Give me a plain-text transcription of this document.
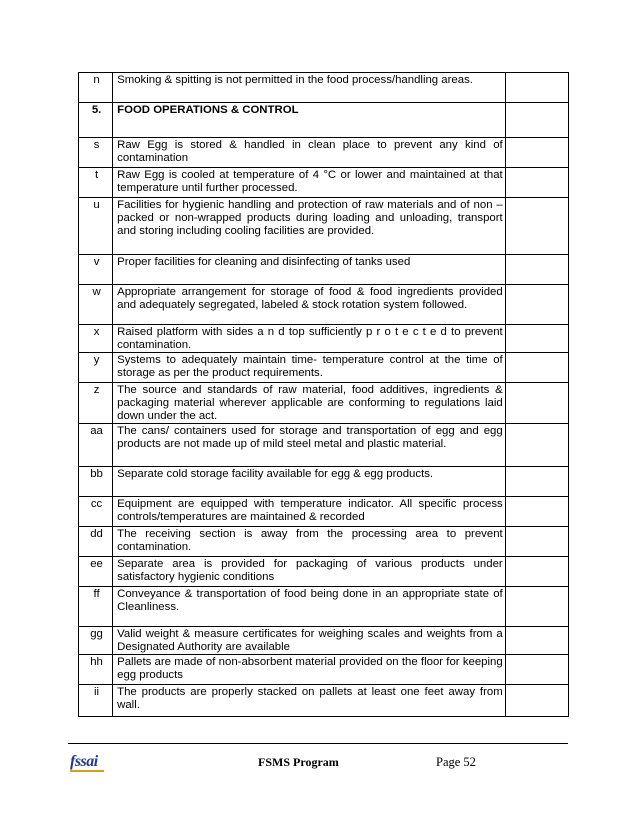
n	Smoking & spitting is not permitted in the food process/handling areas.	
5.	FOOD OPERATIONS & CONTROL	
s	Raw Egg is stored & handled in clean place to prevent any kind of contamination	
t	Raw Egg is cooled at temperature of 4 °C or lower and maintained at that temperature until further processed.	
u	Facilities for hygienic handling and protection of raw materials and of non – packed or non-wrapped products during loading and unloading, transport and storing including cooling facilities are provided.	
v	Proper facilities for cleaning and disinfecting of tanks used	
w	Appropriate arrangement for storage of food & food ingredients provided and adequately segregated, labeled & stock rotation system followed.	
x	Raised platform with sides a n d top sufficiently p r o t e c t e d to prevent contamination.	
y	Systems to adequately maintain time- temperature control at the time of storage as per the product requirements.	
z	The source and standards of raw material, food additives, ingredients & packaging material wherever applicable are conforming to regulations laid down under the act.	
aa	The cans/ containers used for storage and transportation of egg and egg products are not made up of mild steel metal and plastic material.	
bb	Separate cold storage facility available for egg & egg products.	
cc	Equipment are equipped with temperature indicator. All specific process controls/temperatures are maintained & recorded	
dd	The receiving section is away from the processing area to prevent contamination.	
ee	Separate area is provided for packaging of various products under satisfactory hygienic conditions	
ff	Conveyance & transportation of food being done in an appropriate state of Cleanliness.	
gg	Valid weight & measure certificates for weighing scales and weights from a Designated Authority are available	
hh	Pallets are made of non-absorbent material provided on the floor for keeping egg products	
ii	The products are properly stacked on pallets at least one feet away from wall.	
fssai	FSMS Program	Page 52
